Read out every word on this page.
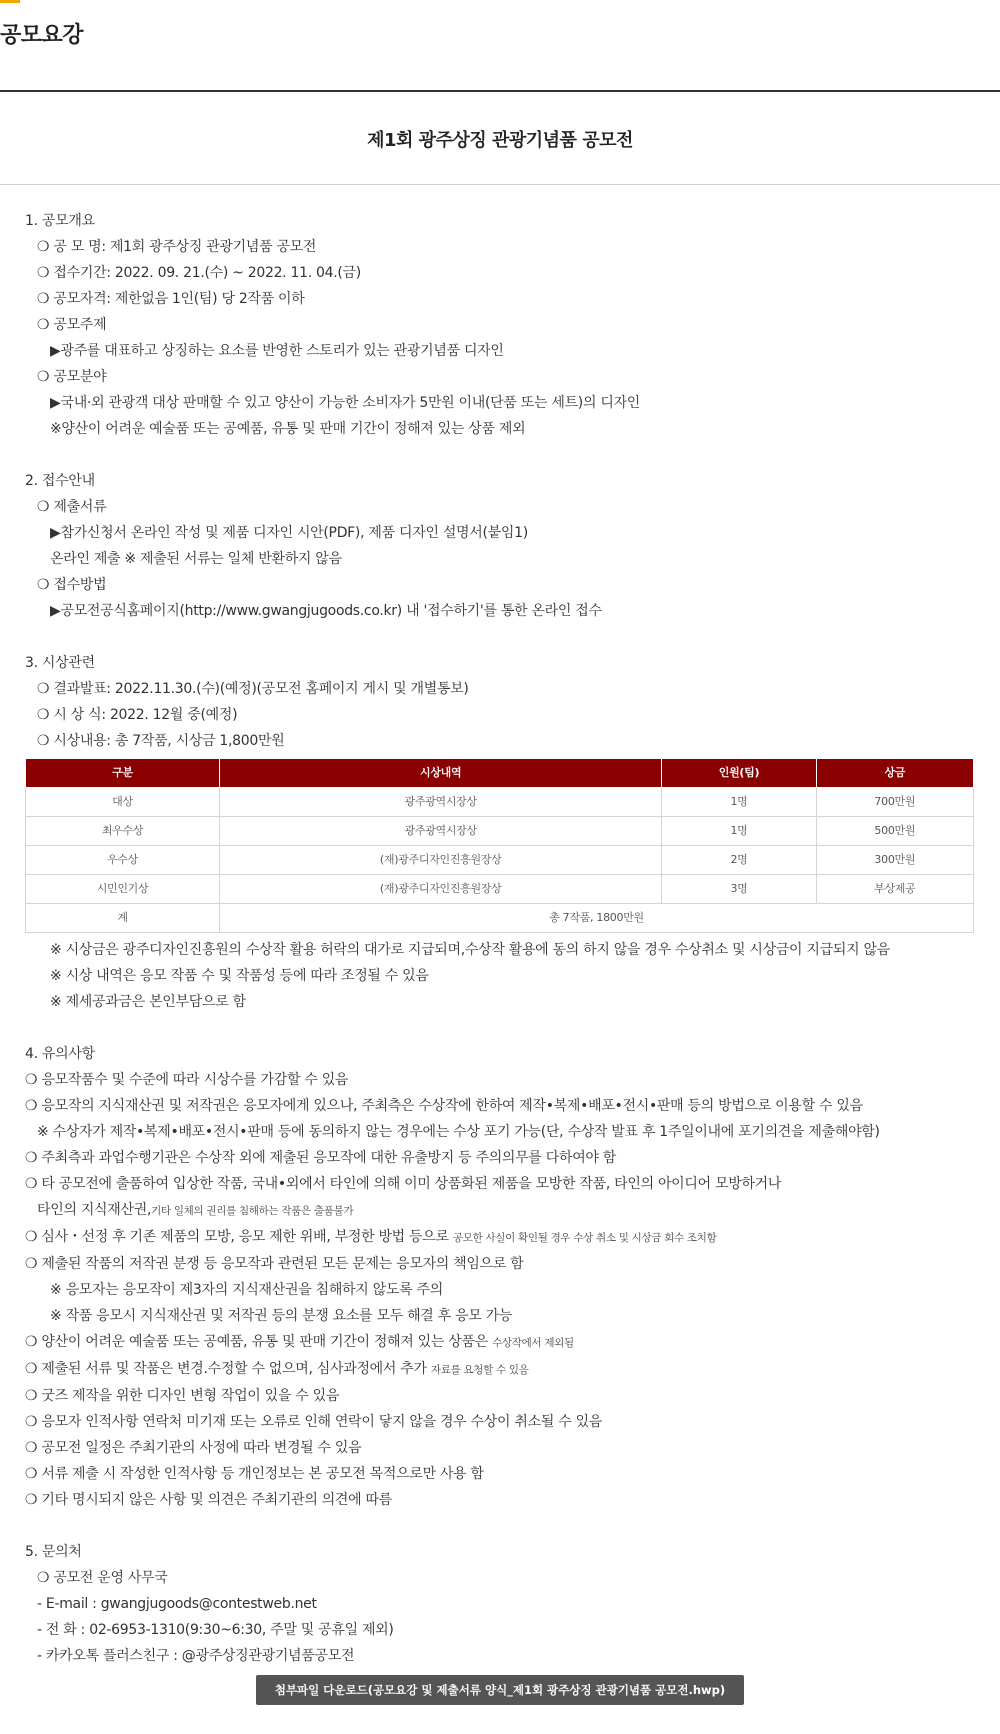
공모요강
제1회 광주상징 관광기념품 공모전
1. 공모개요
❍ 공 모 명: 제1회 광주상징 관광기념품 공모전
❍ 접수기간: 2022. 09. 21.(수) ~ 2022. 11. 04.(금)
❍ 공모자격: 제한없음 1인(팀) 당 2작품 이하
❍ 공모주제
▶광주를 대표하고 상징하는 요소를 반영한 스토리가 있는 관광기념품 디자인
❍ 공모분야
▶국내·외 관광객 대상 판매할 수 있고 양산이 가능한 소비자가 5만원 이내(단품 또는 세트)의 디자인
※양산이 어려운 예술품 또는 공예품, 유통 및 판매 기간이 정해져 있는 상품 제외
2. 접수안내
❍ 제출서류
▶참가신청서 온라인 작성 및 제품 디자인 시안(PDF), 제품 디자인 설명서(붙임1)
온라인 제출 ※ 제출된 서류는 일체 반환하지 않음
❍ 접수방법
▶공모전공식홈페이지(http://www.gwangjugoods.co.kr) 내 '접수하기'를 통한 온라인 접수
3. 시상관련
❍ 결과발표: 2022.11.30.(수)(예정)(공모전 홈페이지 게시 및 개별통보)
❍ 시 상 식: 2022. 12월 중(예정)
❍ 시상내용: 총 7작품, 시상금 1,800만원
구분	시상내역	인원(팀)	상금
대상	광주광역시장상	1명	700만원
최우수상	광주광역시장상	1명	500만원
우수상	(재)광주디자인진흥원장상	2명	300만원
시민인기상	(재)광주디자인진흥원장상	3명	부상제공
계	총 7작품, 1800만원		
※ 시상금은 광주디자인진흥원의 수상작 활용 허락의 대가로 지급되며,수상작 활용에 동의 하지 않을 경우 수상취소 및 시상금이 지급되지 않음
※ 시상 내역은 응모 작품 수 및 작품성 등에 따라 조정될 수 있음
※ 제세공과금은 본인부담으로 함
4. 유의사항
❍ 응모작품수 및 수준에 따라 시상수를 가감할 수 있음
❍ 응모작의 지식재산권 및 저작권은 응모자에게 있으나, 주최측은 수상작에 한하여 제작•복제•배포•전시•판매 등의 방법으로 이용할 수 있음
※ 수상자가 제작•복제•배포•전시•판매 등에 동의하지 않는 경우에는 수상 포기 가능(단, 수상작 발표 후 1주일이내에 포기의견을 제출해야함)
❍ 주최측과 과업수행기관은 수상작 외에 제출된 응모작에 대한 유출방지 등 주의의무를 다하여야 함
❍ 타 공모전에 출품하여 입상한 작품, 국내•외에서 타인에 의해 이미 상품화된 제품을 모방한 작품, 타인의 아이디어 모방하거나
타인의 지식재산권,기타 일체의 권리를 침해하는 작품은 출품불가
❍ 심사・선정 후 기존 제품의 모방, 응모 제한 위배, 부정한 방법 등으로 공모한 사실이 확인될 경우 수상 취소 및 시상금 회수 조치함
❍ 제출된 작품의 저작권 분쟁 등 응모작과 관련된 모든 문제는 응모자의 책임으로 함
※ 응모자는 응모작이 제3자의 지식재산권을 침해하지 않도록 주의
※ 작품 응모시 지식재산권 및 저작권 등의 분쟁 요소를 모두 해결 후 응모 가능
❍ 양산이 어려운 예술품 또는 공예품, 유통 및 판매 기간이 정해져 있는 상품은 수상작에서 제외됨
❍ 제출된 서류 및 작품은 변경.수정할 수 없으며, 심사과정에서 추가 자료를 요청할 수 있음
❍ 굿즈 제작을 위한 디자인 변형 작업이 있을 수 있음
❍ 응모자 인적사항 연락처 미기재 또는 오류로 인해 연락이 닿지 않을 경우 수상이 취소될 수 있음
❍ 공모전 일정은 주최기관의 사정에 따라 변경될 수 있음
❍ 서류 제출 시 작성한 인적사항 등 개인정보는 본 공모전 목적으로만 사용 함
❍ 기타 명시되지 않은 사항 및 의견은 주최기관의 의견에 따름
5. 문의처
❍ 공모전 운영 사무국
- E-mail : gwangjugoods@contestweb.net
- 전 화 : 02-6953-1310(9:30~6:30, 주말 및 공휴일 제외)
- 카카오톡 플러스친구 : @광주상징관광기념품공모전
첨부파일 다운로드(공모요강 및 제출서류 양식_제1회 광주상징 관광기념품 공모전.hwp)
